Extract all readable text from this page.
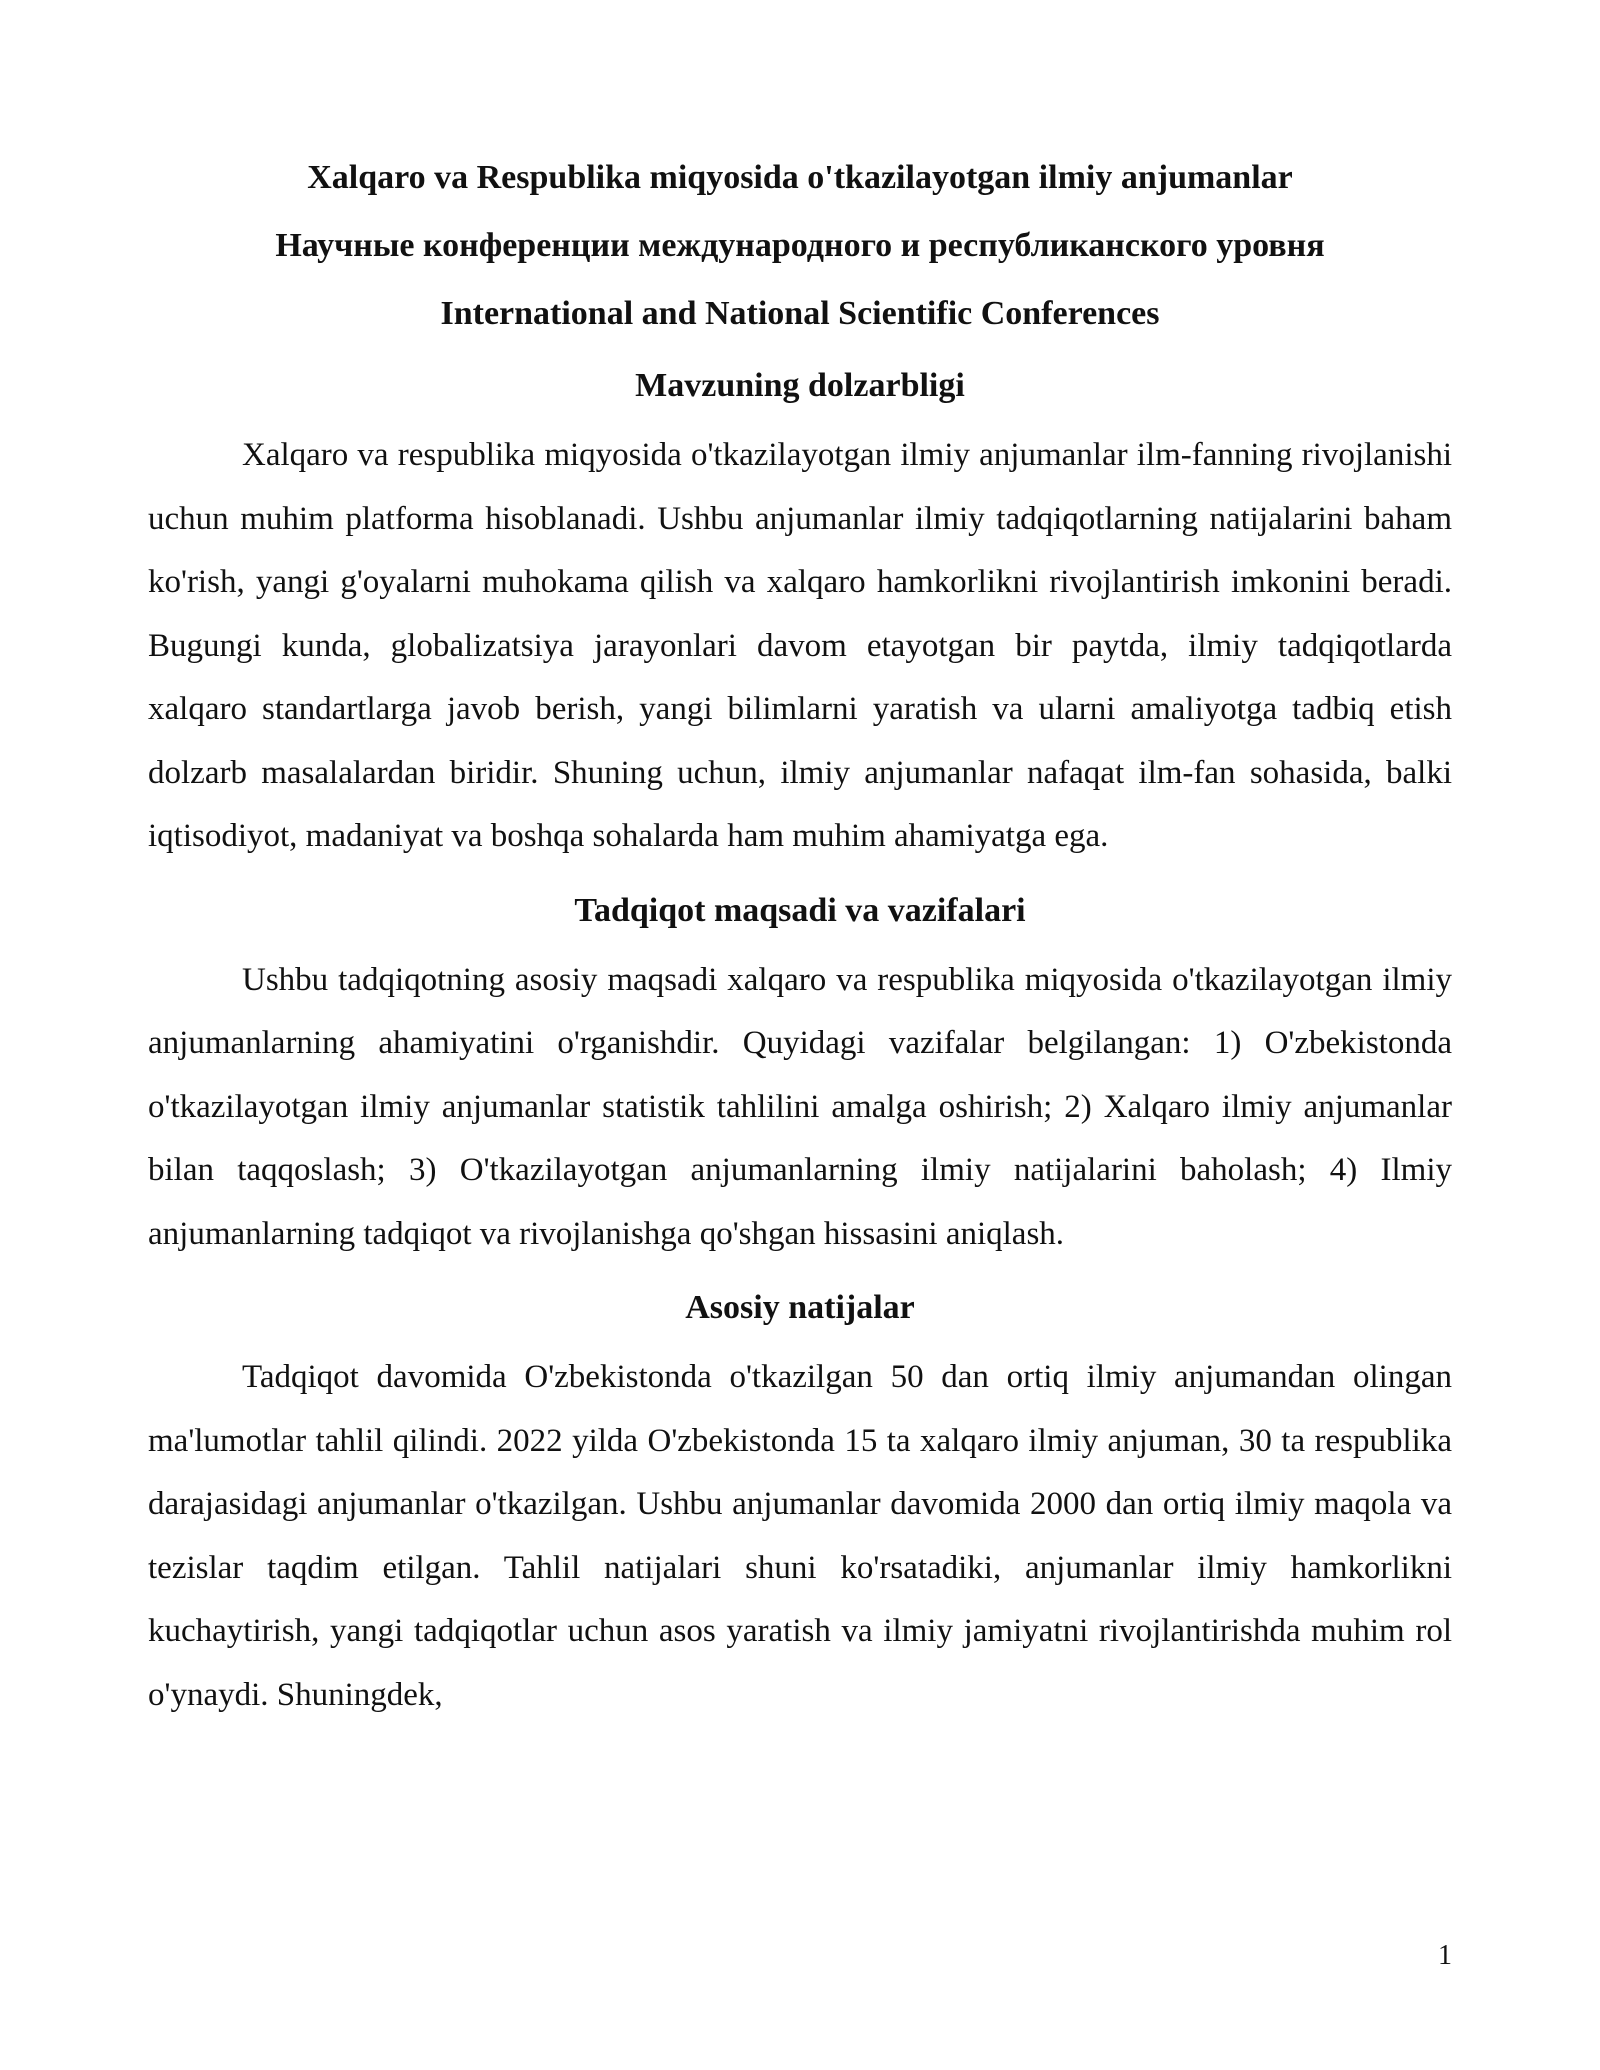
Xalqaro va Respublika miqyosida o'tkazilayotgan ilmiy anjumanlar

Научные конференции международного и республиканского уровня

International and National Scientific Conferences

Mavzuning dolzarbligi

Xalqaro va respublika miqyosida o'tkazilayotgan ilmiy anjumanlar ilm-fanning rivojlanishi uchun muhim platforma hisoblanadi. Ushbu anjumanlar ilmiy tadqiqotlarning natijalarini baham ko'rish, yangi g'oyalarni muhokama qilish va xalqaro hamkorlikni rivojlantirish imkonini beradi. Bugungi kunda, globalizatsiya jarayonlari davom etayotgan bir paytda, ilmiy tadqiqotlarda xalqaro standartlarga javob berish, yangi bilimlarni yaratish va ularni amaliyotga tadbiq etish dolzarb masalalardan biridir. Shuning uchun, ilmiy anjumanlar nafaqat ilm-fan sohasida, balki iqtisodiyot, madaniyat va boshqa sohalarda ham muhim ahamiyatga ega.

Tadqiqot maqsadi va vazifalari

Ushbu tadqiqotning asosiy maqsadi xalqaro va respublika miqyosida o'tkazilayotgan ilmiy anjumanlarning ahamiyatini o'rganishdir. Quyidagi vazifalar belgilangan: 1) O'zbekistonda o'tkazilayotgan ilmiy anjumanlar statistik tahlilini amalga oshirish; 2) Xalqaro ilmiy anjumanlar bilan taqqoslash; 3) O'tkazilayotgan anjumanlarning ilmiy natijalarini baholash; 4) Ilmiy anjumanlarning tadqiqot va rivojlanishga qo'shgan hissasini aniqlash.

Asosiy natijalar

Tadqiqot davomida O'zbekistonda o'tkazilgan 50 dan ortiq ilmiy anjumandan olingan ma'lumotlar tahlil qilindi. 2022 yilda O'zbekistonda 15 ta xalqaro ilmiy anjuman, 30 ta respublika darajasidagi anjumanlar o'tkazilgan. Ushbu anjumanlar davomida 2000 dan ortiq ilmiy maqola va tezislar taqdim etilgan. Tahlil natijalari shuni ko'rsatadiki, anjumanlar ilmiy hamkorlikni kuchaytirish, yangi tadqiqotlar uchun asos yaratish va ilmiy jamiyatni rivojlantirishda muhim rol o'ynaydi. Shuningdek,

1
